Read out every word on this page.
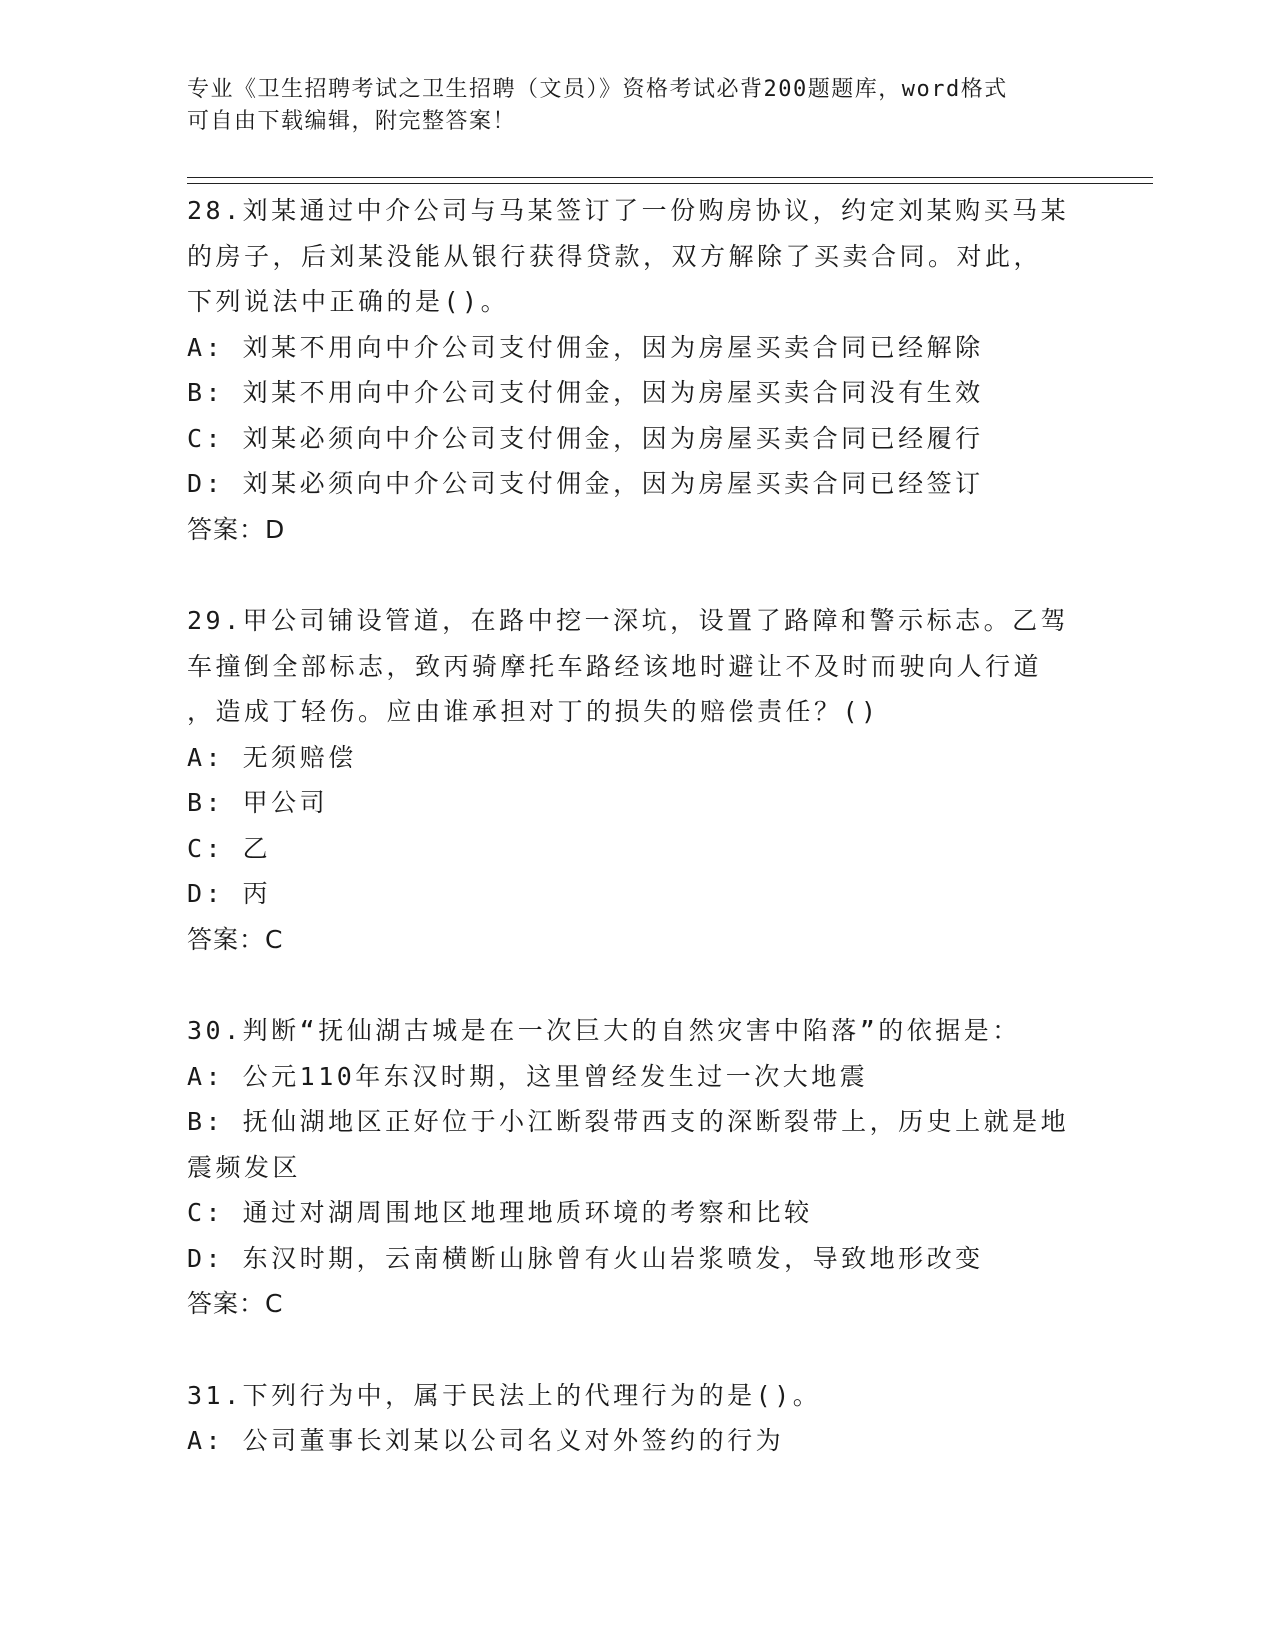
专业《卫生招聘考试之卫生招聘（文员）》资格考试必背200题题库，word格式
可自由下载编辑，附完整答案！
28.刘某通过中介公司与马某签订了一份购房协议，约定刘某购买马某
的房子，后刘某没能从银行获得贷款，双方解除了买卖合同。对此，
下列说法中正确的是()。
A: 刘某不用向中介公司支付佣金，因为房屋买卖合同已经解除
B: 刘某不用向中介公司支付佣金，因为房屋买卖合同没有生效
C: 刘某必须向中介公司支付佣金，因为房屋买卖合同已经履行
D: 刘某必须向中介公司支付佣金，因为房屋买卖合同已经签订
答案：D
29.甲公司铺设管道，在路中挖一深坑，设置了路障和警示标志。乙驾
车撞倒全部标志，致丙骑摩托车路经该地时避让不及时而驶向人行道
，造成丁轻伤。应由谁承担对丁的损失的赔偿责任？()
A: 无须赔偿
B: 甲公司
C: 乙
D: 丙
答案：C
30.判断“抚仙湖古城是在一次巨大的自然灾害中陷落”的依据是：
A: 公元110年东汉时期，这里曾经发生过一次大地震
B: 抚仙湖地区正好位于小江断裂带西支的深断裂带上，历史上就是地
震频发区
C: 通过对湖周围地区地理地质环境的考察和比较
D: 东汉时期，云南横断山脉曾有火山岩浆喷发，导致地形改变
答案：C
31.下列行为中，属于民法上的代理行为的是()。
A: 公司董事长刘某以公司名义对外签约的行为
